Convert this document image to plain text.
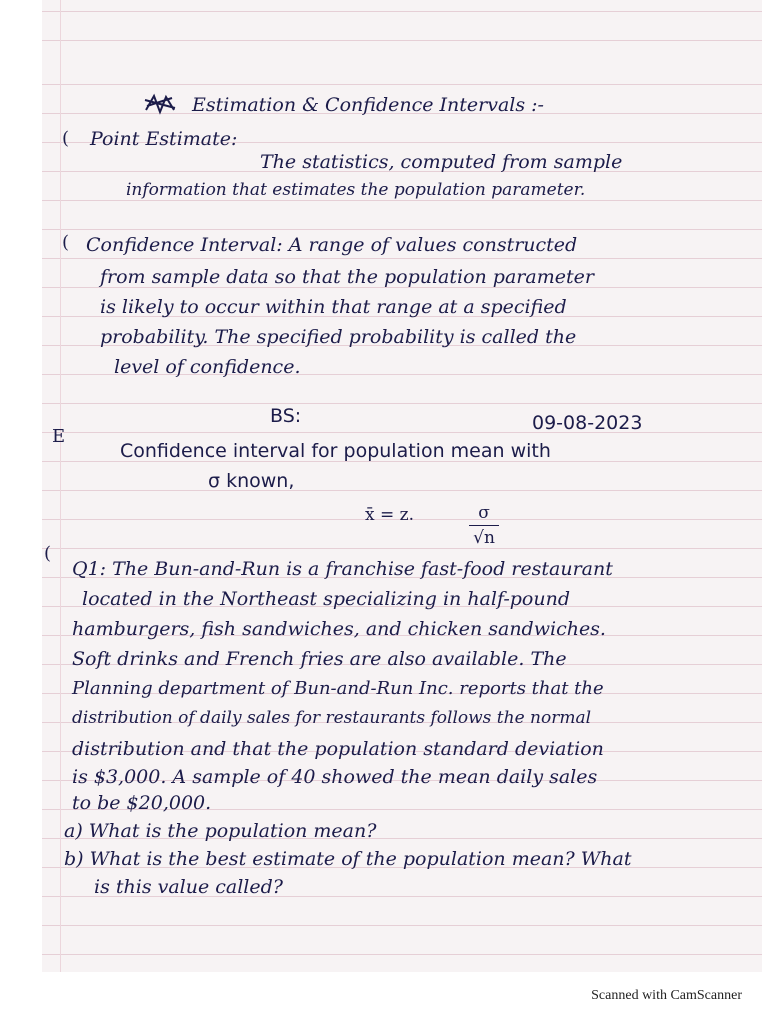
Estimation & Confidence Intervals :-
( Point Estimate:
The statistics, computed from sample
information that estimates the population parameter.
( Confidence Interval: A range of values constructed
from sample data so that the population parameter
is likely to occur within that range at a specified
probability. The specified probability is called the
level of confidence.
E
BS:	09-08-2023
Confidence interval for population mean with
σ known,
x̄ = z.	$\frac{\sigma}{√n}$
(
Q1: The Bun-and-Run is a franchise fast-food restaurant
located in the Northeast specializing in half-pound
hamburgers, fish sandwiches, and chicken sandwiches.
Soft drinks and French fries are also available. The
Planning department of Bun-and-Run Inc. reports that the
distribution of daily sales for restaurants follows the normal
distribution and that the population standard deviation
is $3,000. A sample of 40 showed the mean daily sales
to be $20,000.
a) What is the population mean?
b) What is the best estimate of the population mean? What
is this value called?
Scanned with CamScanner
